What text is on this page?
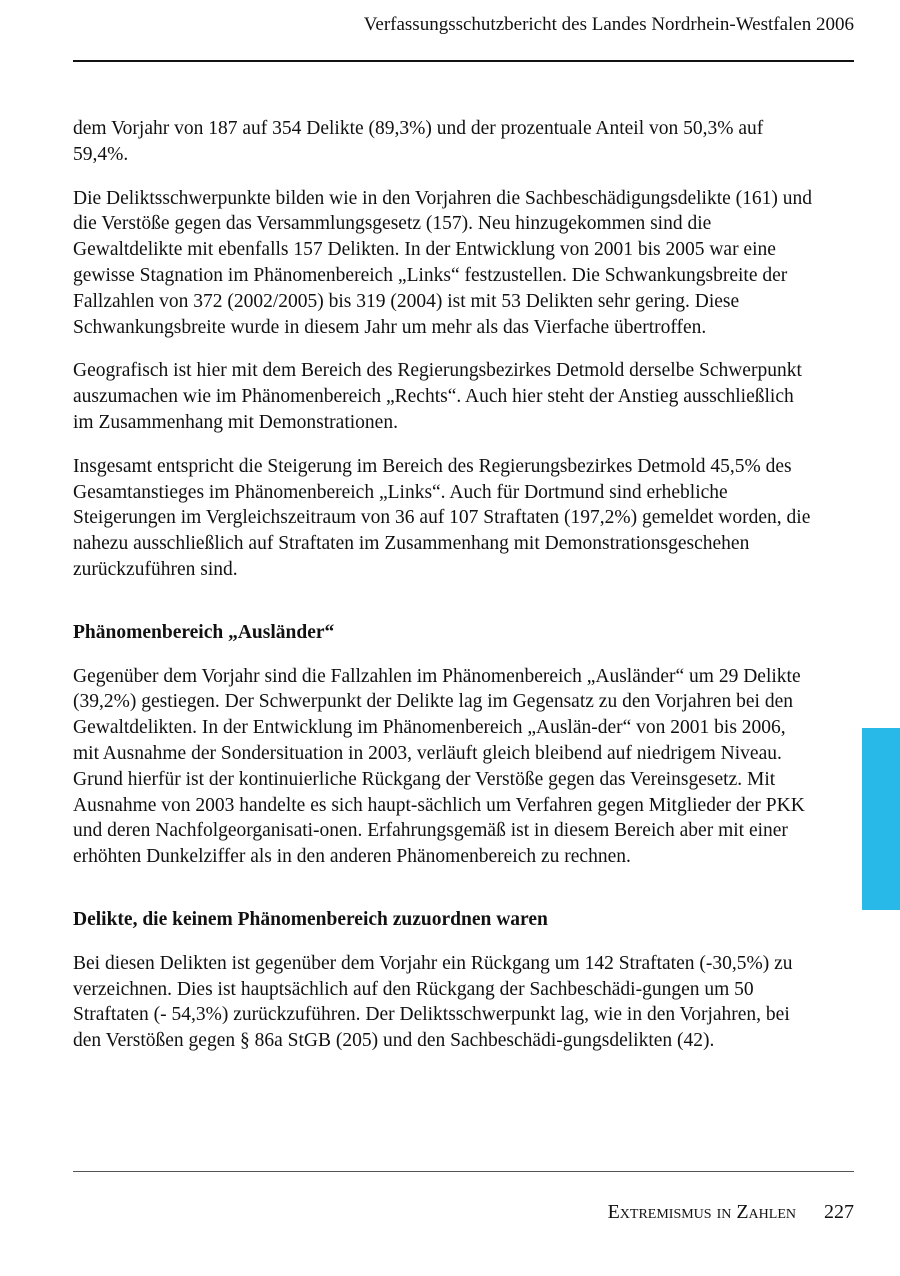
Verfassungsschutzbericht des Landes Nordrhein-Westfalen 2006

dem Vorjahr von 187 auf 354 Delikte (89,3%) und der prozentuale Anteil von 50,3% auf 59,4%.

Die Deliktsschwerpunkte bilden wie in den Vorjahren die Sachbeschädigungsdelikte (161) und die Verstöße gegen das Versammlungsgesetz (157). Neu hinzugekommen sind die Gewaltdelikte mit ebenfalls 157 Delikten. In der Entwicklung von 2001 bis 2005 war eine gewisse Stagnation im Phänomenbereich „Links“ festzustellen. Die Schwankungsbreite der Fallzahlen von 372 (2002/2005) bis 319 (2004) ist mit 53 Delikten sehr gering. Diese Schwankungsbreite wurde in diesem Jahr um mehr als das Vierfache übertroffen.

Geografisch ist hier mit dem Bereich des Regierungsbezirkes Detmold derselbe Schwerpunkt auszumachen wie im Phänomenbereich „Rechts“. Auch hier steht der Anstieg ausschließlich im Zusammenhang mit Demonstrationen.

Insgesamt entspricht die Steigerung im Bereich des Regierungsbezirkes Detmold 45,5% des Gesamtanstieges im Phänomenbereich „Links“. Auch für Dortmund sind erhebliche Steigerungen im Vergleichszeitraum von 36 auf 107 Straftaten (197,2%) gemeldet worden, die nahezu ausschließlich auf Straftaten im Zusammenhang mit Demonstrationsgeschehen zurückzuführen sind.

Phänomenbereich „Ausländer“

Gegenüber dem Vorjahr sind die Fallzahlen im Phänomenbereich „Ausländer“ um 29 Delikte (39,2%) gestiegen. Der Schwerpunkt der Delikte lag im Gegensatz zu den Vorjahren bei den Gewaltdelikten. In der Entwicklung im Phänomenbereich „Auslän-der“ von 2001 bis 2006, mit Ausnahme der Sondersituation in 2003, verläuft gleich bleibend auf niedrigem Niveau. Grund hierfür ist der kontinuierliche Rückgang der Verstöße gegen das Vereinsgesetz. Mit Ausnahme von 2003 handelte es sich haupt-sächlich um Verfahren gegen Mitglieder der PKK und deren Nachfolgeorganisati-onen. Erfahrungsgemäß ist in diesem Bereich aber mit einer erhöhten Dunkelziffer als in den anderen Phänomenbereich zu rechnen.

Delikte, die keinem Phänomenbereich zuzuordnen waren

Bei diesen Delikten ist gegenüber dem Vorjahr ein Rückgang um 142 Straftaten (-30,5%) zu verzeichnen. Dies ist hauptsächlich auf den Rückgang der Sachbeschädi-gungen um 50 Straftaten (- 54,3%) zurückzuführen. Der Deliktsschwerpunkt lag, wie in den Vorjahren, bei den Verstößen gegen § 86a StGB (205) und den Sachbeschädi-gungsdelikten (42).

Extremismus in Zahlen 227
